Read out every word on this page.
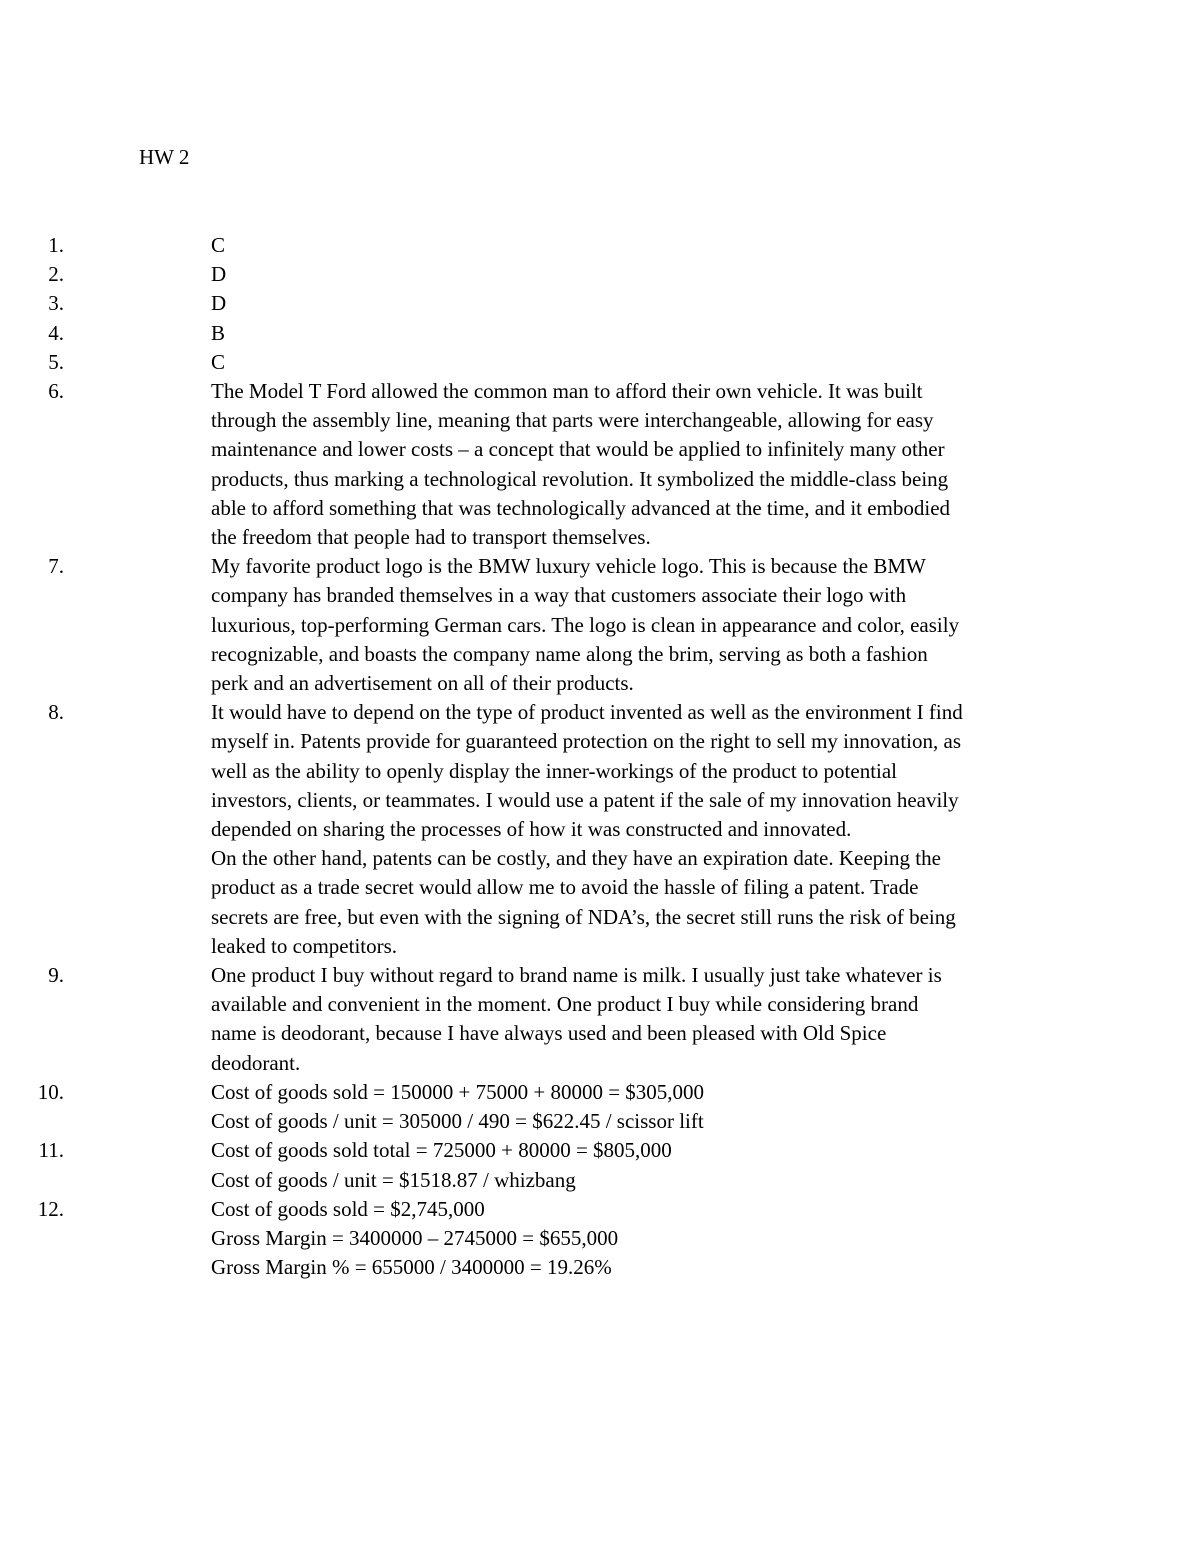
HW 2
1.	C
2.	D
3.	D
4.	B
5.	C
6.	The Model T Ford allowed the common man to afford their own vehicle. It was built
through the assembly line, meaning that parts were interchangeable, allowing for easy
maintenance and lower costs – a concept that would be applied to infinitely many other
products, thus marking a technological revolution. It symbolized the middle-class being
able to afford something that was technologically advanced at the time, and it embodied
the freedom that people had to transport themselves.
7.	My favorite product logo is the BMW luxury vehicle logo. This is because the BMW
company has branded themselves in a way that customers associate their logo with
luxurious, top-performing German cars. The logo is clean in appearance and color, easily
recognizable, and boasts the company name along the brim, serving as both a fashion
perk and an advertisement on all of their products.
8.	It would have to depend on the type of product invented as well as the environment I find
myself in. Patents provide for guaranteed protection on the right to sell my innovation, as
well as the ability to openly display the inner-workings of the product to potential
investors, clients, or teammates. I would use a patent if the sale of my innovation heavily
depended on sharing the processes of how it was constructed and innovated.
On the other hand, patents can be costly, and they have an expiration date. Keeping the
product as a trade secret would allow me to avoid the hassle of filing a patent. Trade
secrets are free, but even with the signing of NDA’s, the secret still runs the risk of being
leaked to competitors.
9.	One product I buy without regard to brand name is milk. I usually just take whatever is
available and convenient in the moment. One product I buy while considering brand
name is deodorant, because I have always used and been pleased with Old Spice
deodorant.
10.	Cost of goods sold = 150000 + 75000 + 80000 = $305,000
Cost of goods / unit = 305000 / 490 = $622.45 / scissor lift
11.	Cost of goods sold total = 725000 + 80000 = $805,000
Cost of goods / unit = $1518.87 / whizbang
12.	Cost of goods sold = $2,745,000
Gross Margin = 3400000 – 2745000 = $655,000
Gross Margin % = 655000 / 3400000 = 19.26%
